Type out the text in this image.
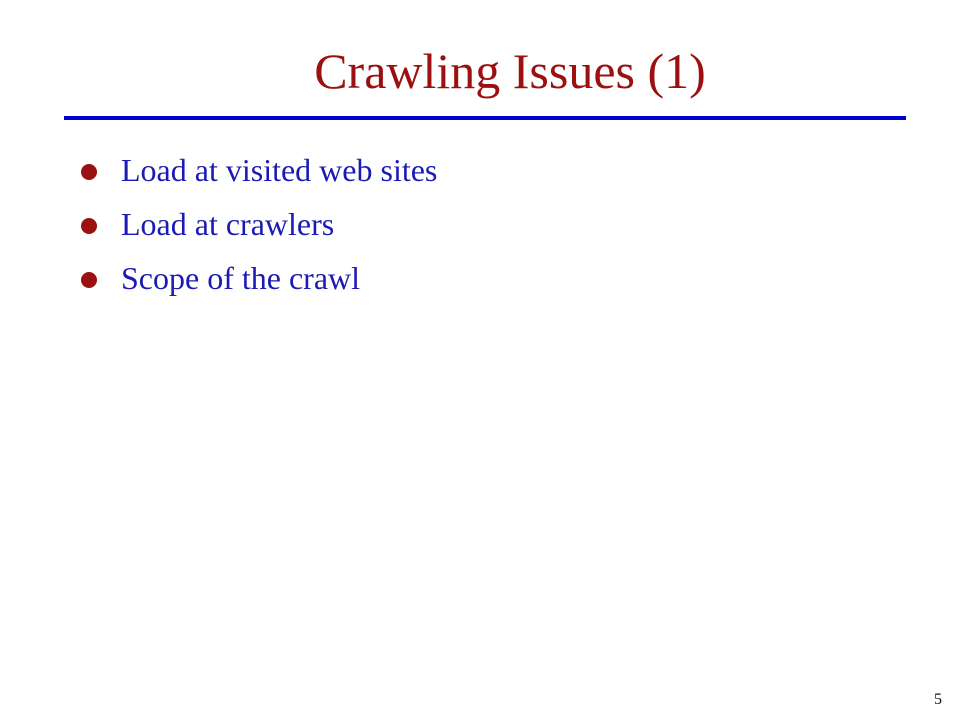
Crawling Issues (1)
Load at visited web sites
Load at crawlers
Scope of the crawl
5
